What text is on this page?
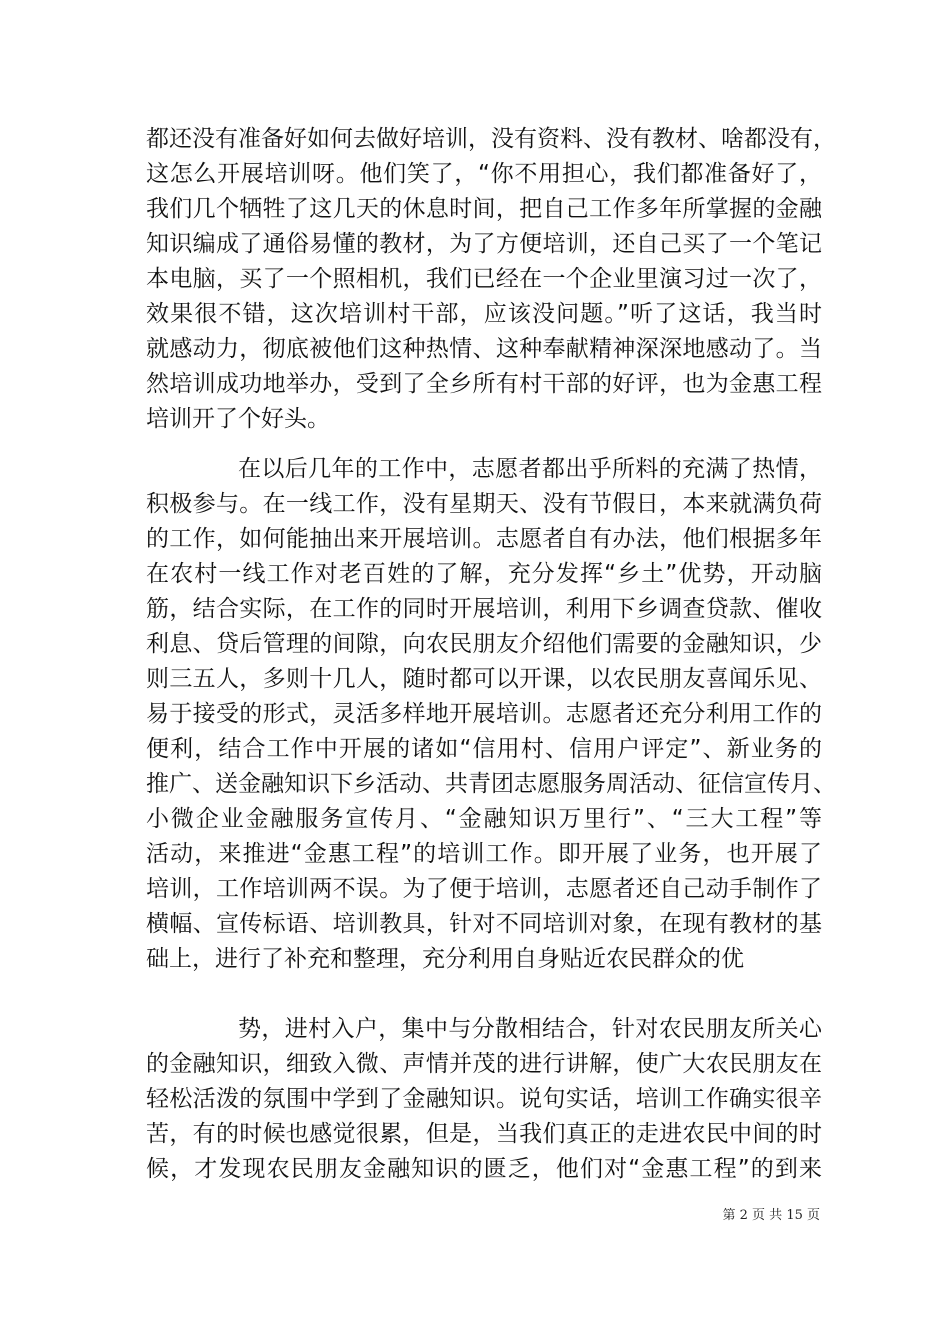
都还没有准备好如何去做好培训，没有资料、没有教材、啥都没有，
这怎么开展培训呀。他们笑了，“你不用担心，我们都准备好了，
我们几个牺牲了这几天的休息时间，把自己工作多年所掌握的金融
知识编成了通俗易懂的教材，为了方便培训，还自己买了一个笔记
本电脑，买了一个照相机，我们已经在一个企业里演习过一次了，
效果很不错，这次培训村干部，应该没问题。”听了这话，我当时
就感动力，彻底被他们这种热情、这种奉献精神深深地感动了。当
然培训成功地举办，受到了全乡所有村干部的好评，也为金惠工程
培训开了个好头。
在以后几年的工作中，志愿者都出乎所料的充满了热情，
积极参与。在一线工作，没有星期天、没有节假日，本来就满负荷
的工作，如何能抽出来开展培训。志愿者自有办法，他们根据多年
在农村一线工作对老百姓的了解，充分发挥“乡土”优势，开动脑
筋，结合实际，在工作的同时开展培训，利用下乡调查贷款、催收
利息、贷后管理的间隙，向农民朋友介绍他们需要的金融知识，少
则三五人，多则十几人，随时都可以开课，以农民朋友喜闻乐见、
易于接受的形式，灵活多样地开展培训。志愿者还充分利用工作的
便利，结合工作中开展的诸如“信用村、信用户评定”、新业务的
推广、送金融知识下乡活动、共青团志愿服务周活动、征信宣传月、
小微企业金融服务宣传月、“金融知识万里行”、“三大工程”等
活动，来推进“金惠工程”的培训工作。即开展了业务，也开展了
培训，工作培训两不误。为了便于培训，志愿者还自己动手制作了
横幅、宣传标语、培训教具，针对不同培训对象，在现有教材的基
础上，进行了补充和整理，充分利用自身贴近农民群众的优
势，进村入户，集中与分散相结合，针对农民朋友所关心
的金融知识，细致入微、声情并茂的进行讲解，使广大农民朋友在
轻松活泼的氛围中学到了金融知识。说句实话，培训工作确实很辛
苦，有的时候也感觉很累，但是，当我们真正的走进农民中间的时
候，才发现农民朋友金融知识的匮乏，他们对“金惠工程”的到来
第 2 页 共 15 页
